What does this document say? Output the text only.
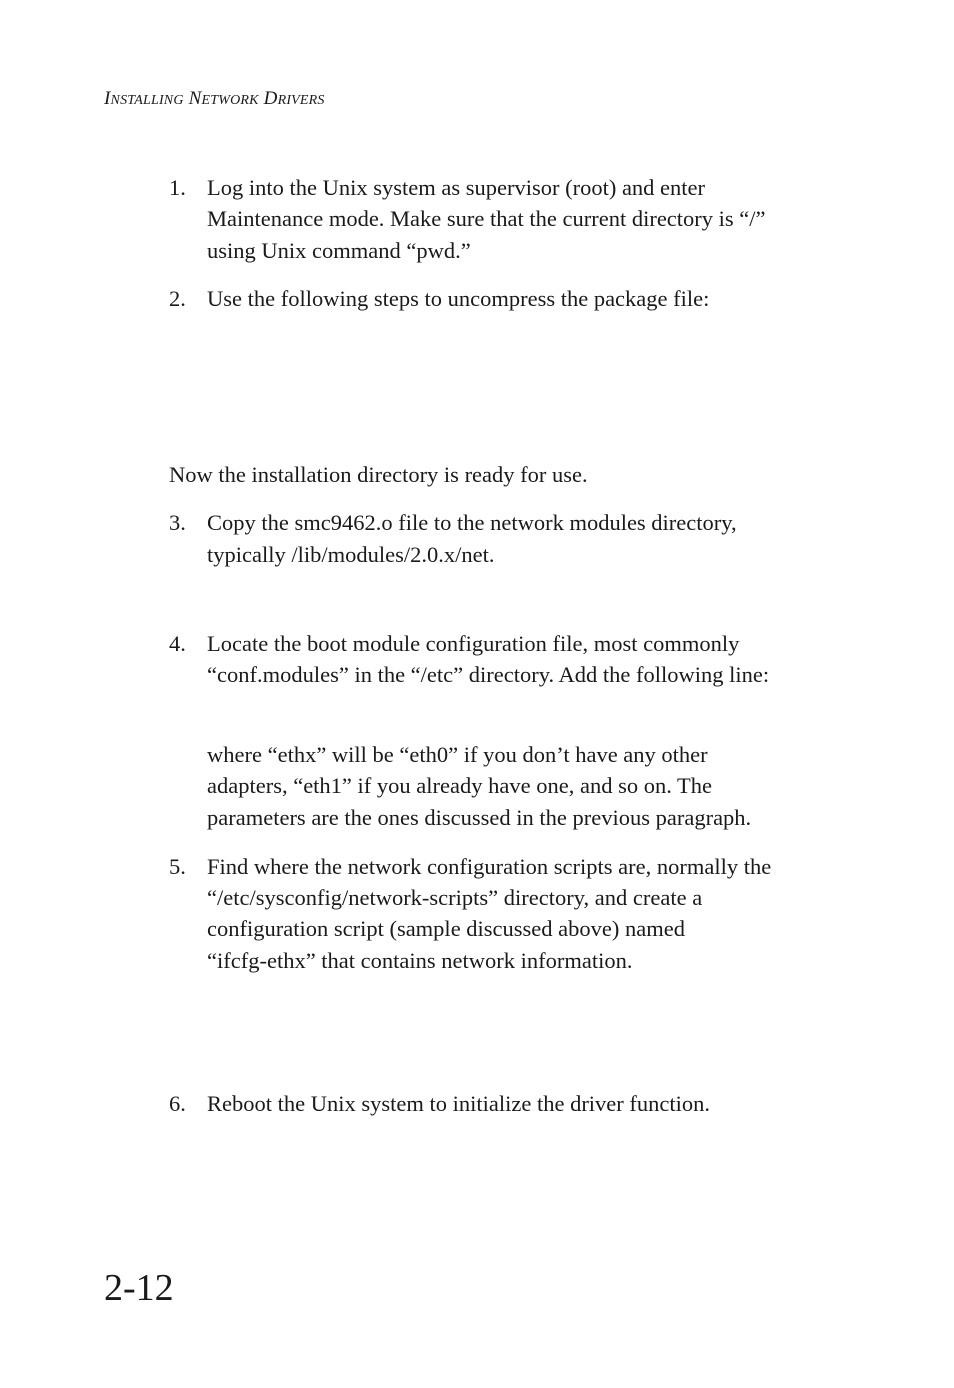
INSTALLING NETWORK DRIVERS
1. Log into the Unix system as supervisor (root) and enter
Maintenance mode. Make sure that the current directory is “/”
using Unix command “pwd.”
2. Use the following steps to uncompress the package file:
Now the installation directory is ready for use.
3. Copy the smc9462.o file to the network modules directory,
typically /lib/modules/2.0.x/net.
4. Locate the boot module configuration file, most commonly
“conf.modules” in the “/etc” directory. Add the following line:
where “ethx” will be “eth0” if you don’t have any other
adapters, “eth1” if you already have one, and so on. The
parameters are the ones discussed in the previous paragraph.
5. Find where the network configuration scripts are, normally the
“/etc/sysconfig/network-scripts” directory, and create a
configuration script (sample discussed above) named
“ifcfg-ethx” that contains network information.
6. Reboot the Unix system to initialize the driver function.
2-12
